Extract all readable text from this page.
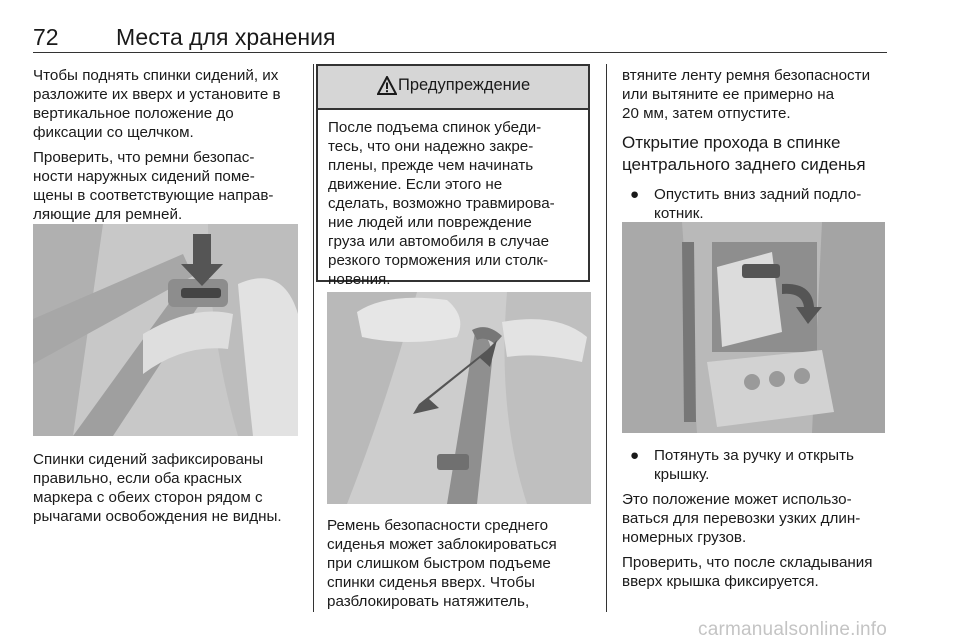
72 Места для хранения

Чтобы поднять спинки сидений, их

разложите их вверх и установите в

вертикальное положение до

фиксации со щелчком.

Проверить, что ремни безопас-

ности наружных сидений поме-

щены в соответствующие направ-

ляющие для ремней.

Спинки сидений зафиксированы

правильно, если оба красных

маркера с обеих сторон рядом с

рычагами освобождения не видны.

Предупреждение
После подъема спинок убеди-
тесь, что они надежно закре-
плены, прежде чем начинать
движение. Если этого не
сделать, возможно травмирова-
ние людей или повреждение
груза или автомобиля в случае
резкого торможения или столк-
новения.

Ремень безопасности среднего

сиденья может заблокироваться

при слишком быстром подъеме

спинки сиденья вверх. Чтобы

разблокировать натяжитель,

втяните ленту ремня безопасности

или вытяните ее примерно на

20 мм, затем отпустите.

Открытие прохода в спинке
центрального заднего сиденья
● Опустить вниз задний подло-
котник.
● Потянуть за ручку и открыть
крышку.

Это положение может использо-

ваться для перевозки узких длин-

номерных грузов.

Проверить, что после складывания

вверх крышка фиксируется.

carmanualsonline.info
